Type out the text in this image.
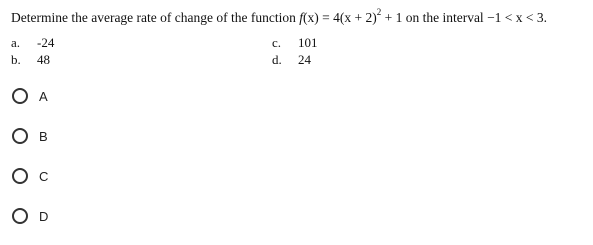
Determine the average rate of change of the function $f(x) = 4(x + 2)^2 + 1$ on the interval −1 < x < 3.
a. -24	c. 101
b. 48	d. 24
A
B
C
D
